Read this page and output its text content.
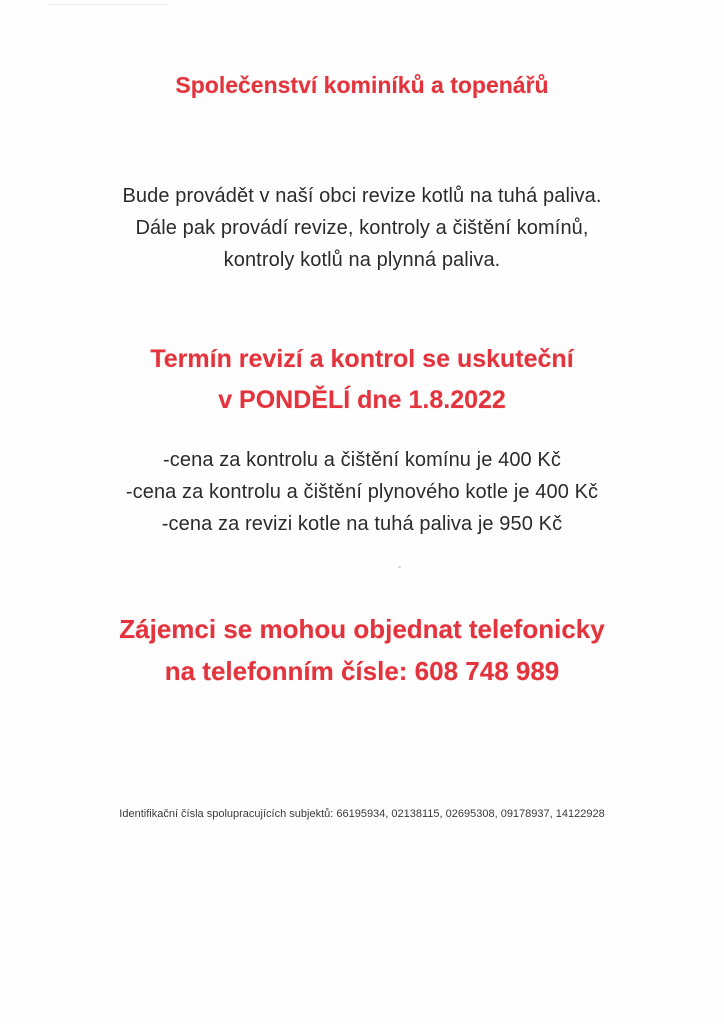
Společenství kominíků a topenářů
Bude provádět v naší obci revize kotlů na tuhá paliva.
Dále pak provádí revize, kontroly a čištění komínů,
kontroly kotlů na plynná paliva.
Termín revizí a kontrol se uskuteční
v PONDĚLÍ dne 1.8.2022
-cena za kontrolu a čištění komínu je 400 Kč
-cena za kontrolu a čištění plynového kotle je 400 Kč
-cena za revizi kotle na tuhá paliva je 950 Kč
Zájemci se mohou objednat telefonicky
na telefonním čísle: 608 748 989
Identifikační čísla spolupracujících subjektů: 66195934, 02138115, 02695308, 09178937, 14122928
